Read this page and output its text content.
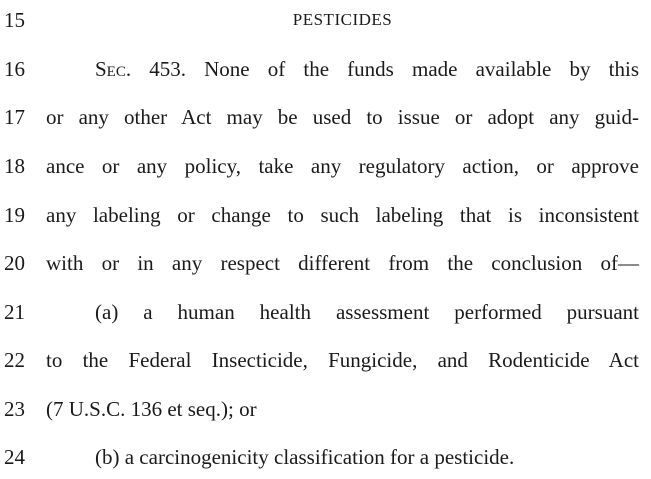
15	PESTICIDES
16	Sec. 453. None of the funds made available by this
17	or any other Act may be used to issue or adopt any guid-
18	ance or any policy, take any regulatory action, or approve
19	any labeling or change to such labeling that is inconsistent
20	with or in any respect different from the conclusion of—
21	(a) a human health assessment performed pursuant
22	to the Federal Insecticide, Fungicide, and Rodenticide Act
23	(7 U.S.C. 136 et seq.); or
24	(b) a carcinogenicity classification for a pesticide.
